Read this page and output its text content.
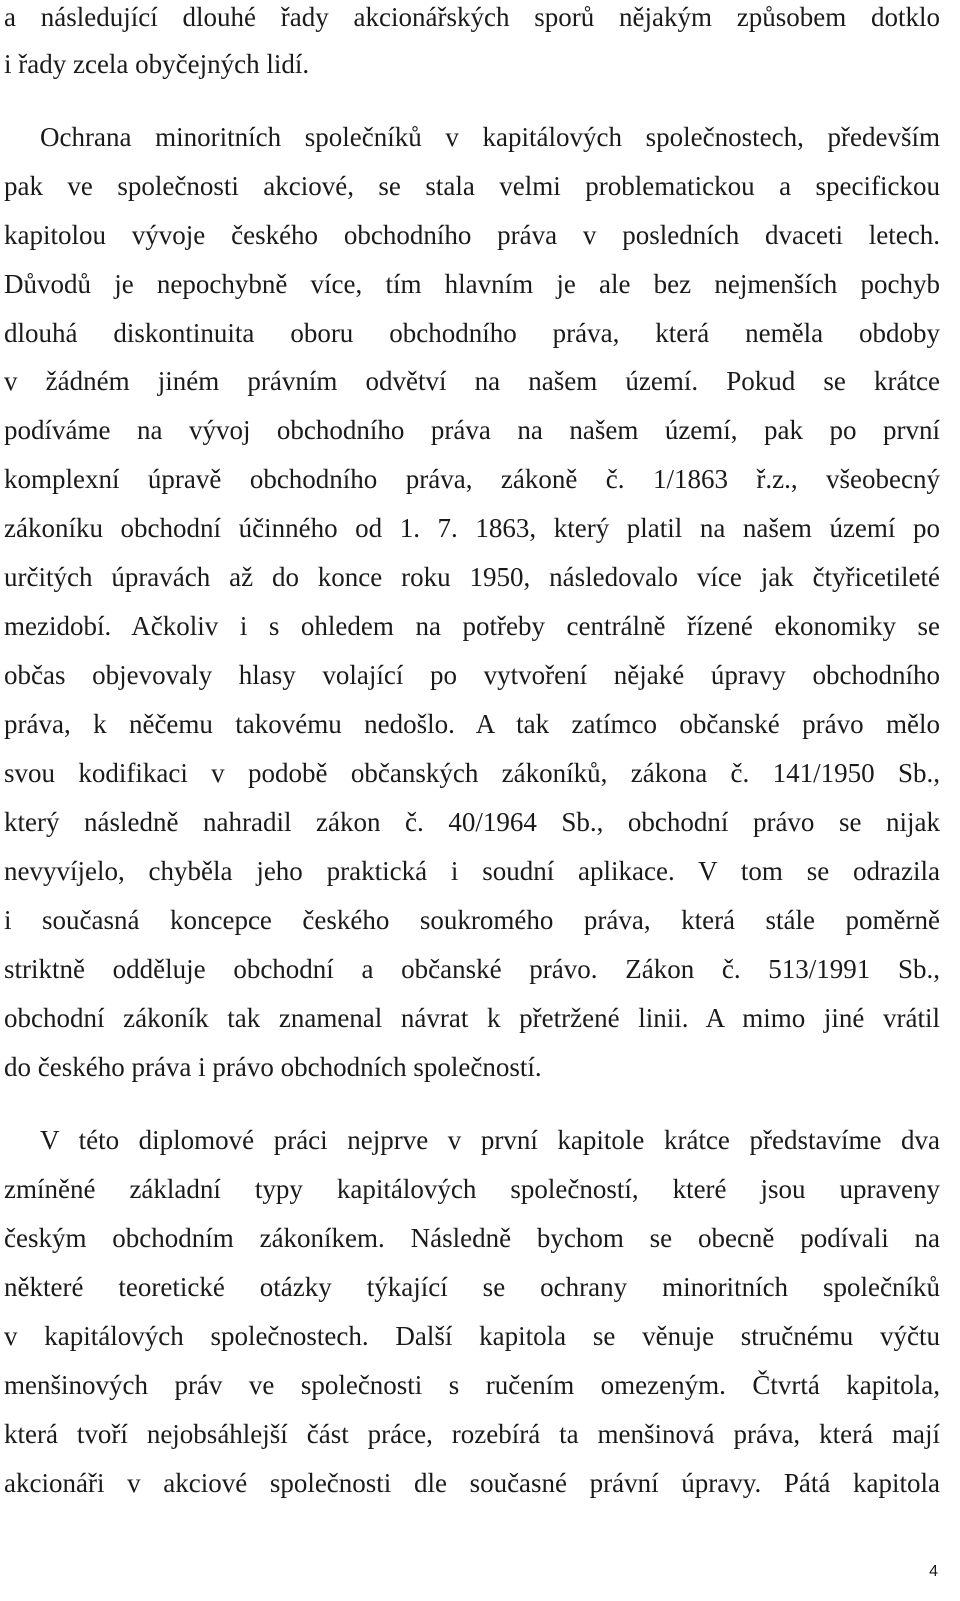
a následující dlouhé řady akcionářských sporů nějakým způsobem dotklo
i řady zcela obyčejných lidí.
Ochrana minoritních společníků v kapitálových společnostech, především
pak ve společnosti akciové, se stala velmi problematickou a specifickou
kapitolou vývoje českého obchodního práva v posledních dvaceti letech.
Důvodů je nepochybně více, tím hlavním je ale bez nejmenších pochyb
dlouhá diskontinuita oboru obchodního práva, která neměla obdoby
v žádném jiném právním odvětví na našem území. Pokud se krátce
podíváme na vývoj obchodního práva na našem území, pak po první
komplexní úpravě obchodního práva, zákoně č. 1/1863 ř.z., všeobecný
zákoníku obchodní účinného od 1. 7. 1863, který platil na našem území po
určitých úpravách až do konce roku 1950, následovalo více jak čtyřicetileté
mezidobí. Ačkoliv i s ohledem na potřeby centrálně řízené ekonomiky se
občas objevovaly hlasy volající po vytvoření nějaké úpravy obchodního
práva, k něčemu takovému nedošlo. A tak zatímco občanské právo mělo
svou kodifikaci v podobě občanských zákoníků, zákona č. 141/1950 Sb.,
který následně nahradil zákon č. 40/1964 Sb., obchodní právo se nijak
nevyvíjelo, chyběla jeho praktická i soudní aplikace. V tom se odrazila
i současná koncepce českého soukromého práva, která stále poměrně
striktně odděluje obchodní a občanské právo. Zákon č. 513/1991 Sb.,
obchodní zákoník tak znamenal návrat k přetržené linii. A mimo jiné vrátil
do českého práva i právo obchodních společností.
V této diplomové práci nejprve v první kapitole krátce představíme dva
zmíněné základní typy kapitálových společností, které jsou upraveny
českým obchodním zákoníkem. Následně bychom se obecně podívali na
některé teoretické otázky týkající se ochrany minoritních společníků
v kapitálových společnostech. Další kapitola se věnuje stručnému výčtu
menšinových práv ve společnosti s ručením omezeným. Čtvrtá kapitola,
která tvoří nejobsáhlejší část práce, rozebírá ta menšinová práva, která mají
akcionáři v akciové společnosti dle současné právní úpravy. Pátá kapitola
4
